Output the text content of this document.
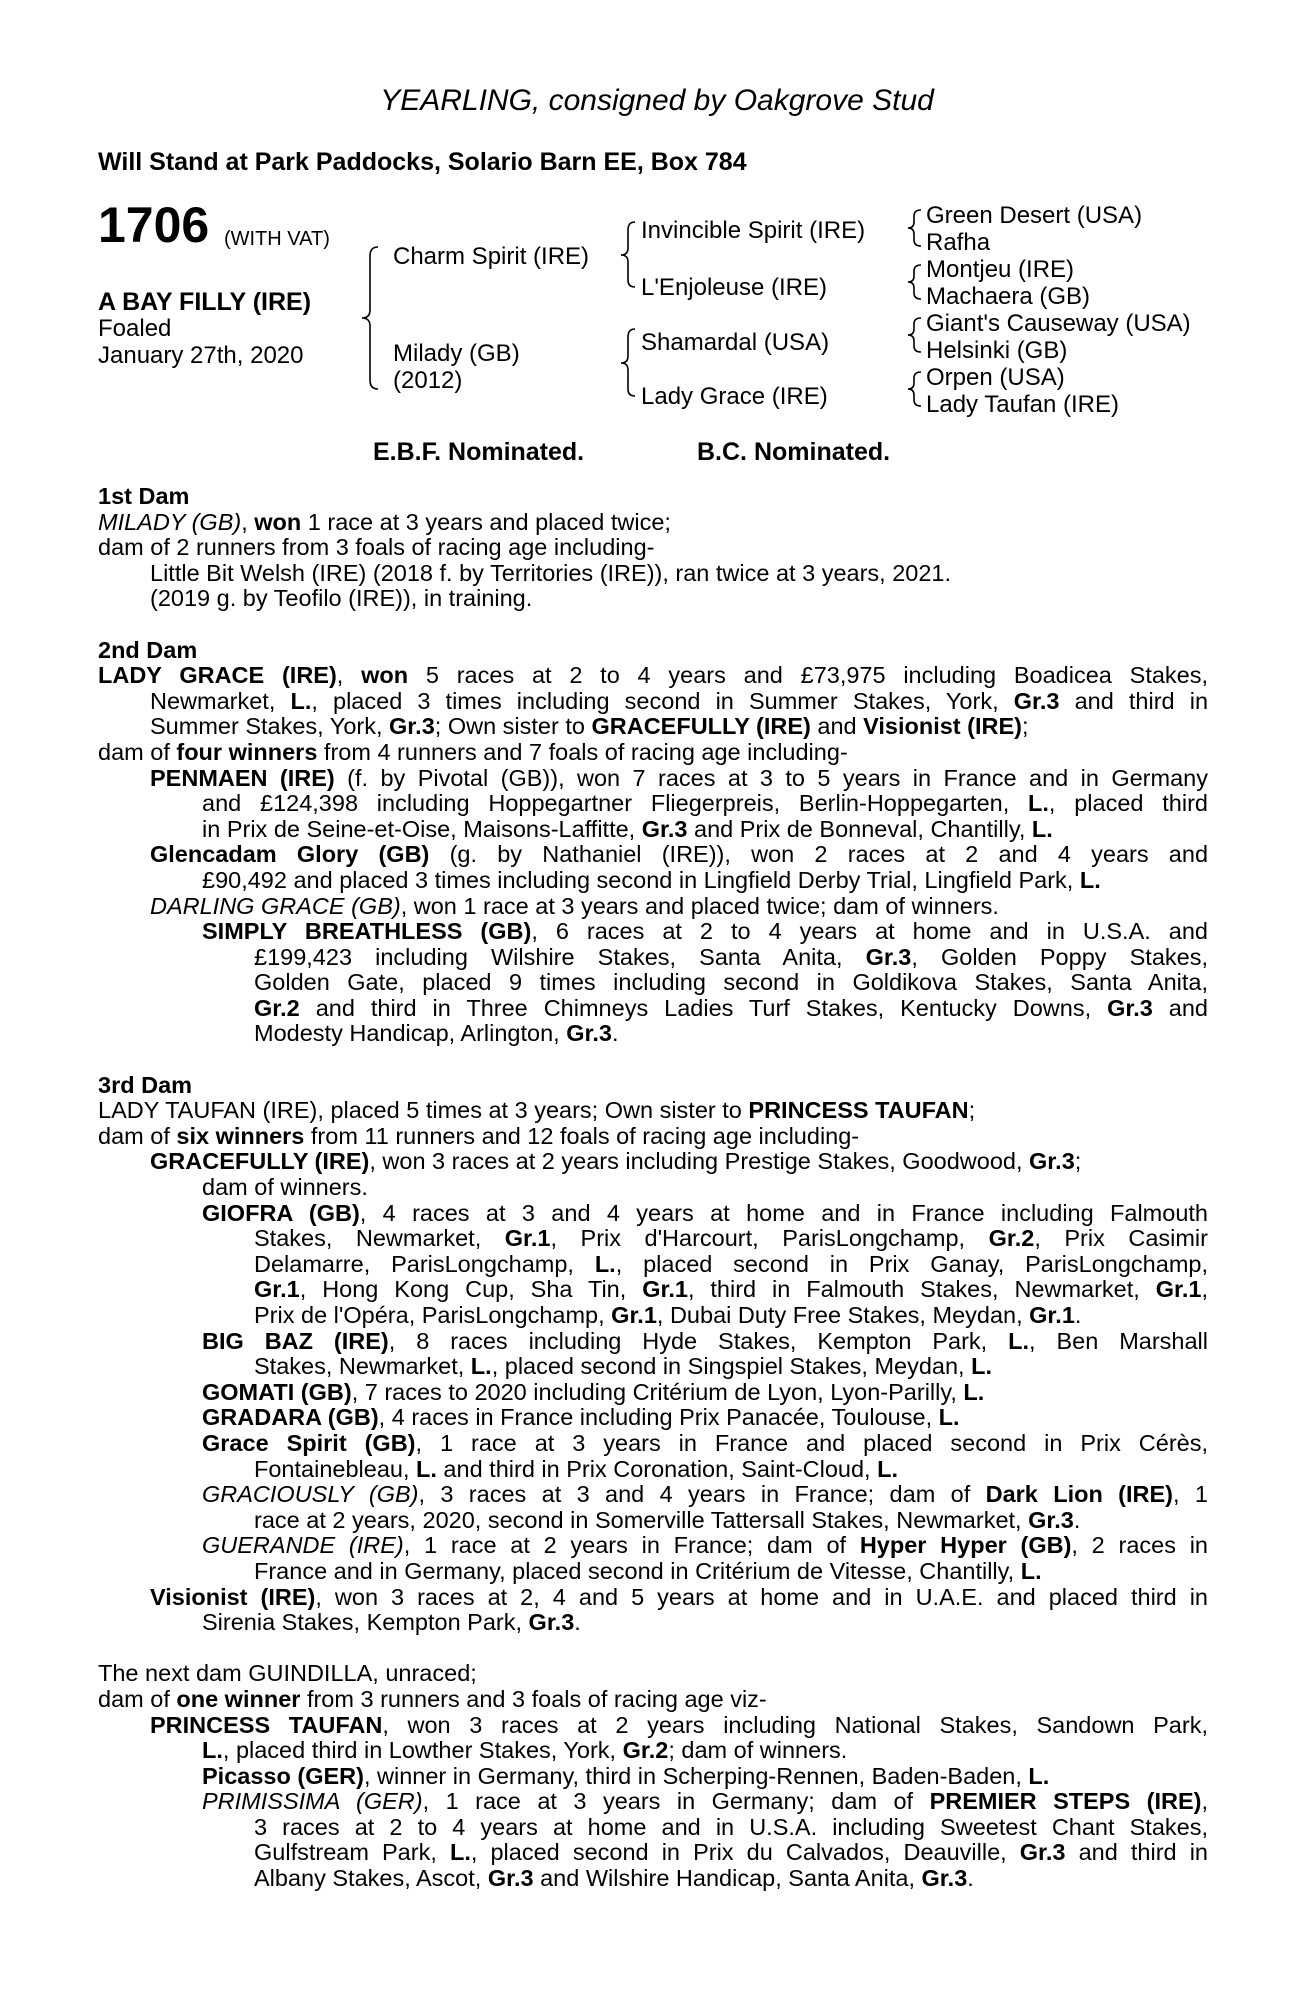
YEARLING, consigned by Oakgrove Stud
Will Stand at Park Paddocks, Solario Barn EE, Box 784
1706 (WITH VAT)
A BAY FILLY (IRE)
Foaled
January 27th, 2020
Charm Spirit (IRE)
Milady (GB)
(2012)
Invincible Spirit (IRE)
L'Enjoleuse (IRE)
Shamardal (USA)
Lady Grace (IRE)
Green Desert (USA)
Rafha
Montjeu (IRE)
Machaera (GB)
Giant's Causeway (USA)
Helsinki (GB)
Orpen (USA)
Lady Taufan (IRE)
E.B.F. Nominated.	B.C. Nominated.
1st Dam
MILADY (GB), won 1 race at 3 years and placed twice;
dam of 2 runners from 3 foals of racing age including-
Little Bit Welsh (IRE) (2018 f. by Territories (IRE)), ran twice at 3 years, 2021.
(2019 g. by Teofilo (IRE)), in training.
2nd Dam
LADY GRACE (IRE), won 5 races at 2 to 4 years and £73,975 including Boadicea Stakes,
Newmarket, L., placed 3 times including second in Summer Stakes, York, Gr.3 and third in
Summer Stakes, York, Gr.3; Own sister to GRACEFULLY (IRE) and Visionist (IRE);
dam of four winners from 4 runners and 7 foals of racing age including-
PENMAEN (IRE) (f. by Pivotal (GB)), won 7 races at 3 to 5 years in France and in Germany
and £124,398 including Hoppegartner Fliegerpreis, Berlin-Hoppegarten, L., placed third
in Prix de Seine-et-Oise, Maisons-Laffitte, Gr.3 and Prix de Bonneval, Chantilly, L.
Glencadam Glory (GB) (g. by Nathaniel (IRE)), won 2 races at 2 and 4 years and
£90,492 and placed 3 times including second in Lingfield Derby Trial, Lingfield Park, L.
DARLING GRACE (GB), won 1 race at 3 years and placed twice; dam of winners.
SIMPLY BREATHLESS (GB), 6 races at 2 to 4 years at home and in U.S.A. and
£199,423 including Wilshire Stakes, Santa Anita, Gr.3, Golden Poppy Stakes,
Golden Gate, placed 9 times including second in Goldikova Stakes, Santa Anita,
Gr.2 and third in Three Chimneys Ladies Turf Stakes, Kentucky Downs, Gr.3 and
Modesty Handicap, Arlington, Gr.3.
3rd Dam
LADY TAUFAN (IRE), placed 5 times at 3 years; Own sister to PRINCESS TAUFAN;
dam of six winners from 11 runners and 12 foals of racing age including-
GRACEFULLY (IRE), won 3 races at 2 years including Prestige Stakes, Goodwood, Gr.3;
dam of winners.
GIOFRA (GB), 4 races at 3 and 4 years at home and in France including Falmouth
Stakes, Newmarket, Gr.1, Prix d'Harcourt, ParisLongchamp, Gr.2, Prix Casimir
Delamarre, ParisLongchamp, L., placed second in Prix Ganay, ParisLongchamp,
Gr.1, Hong Kong Cup, Sha Tin, Gr.1, third in Falmouth Stakes, Newmarket, Gr.1,
Prix de l'Opéra, ParisLongchamp, Gr.1, Dubai Duty Free Stakes, Meydan, Gr.1.
BIG BAZ (IRE), 8 races including Hyde Stakes, Kempton Park, L., Ben Marshall
Stakes, Newmarket, L., placed second in Singspiel Stakes, Meydan, L.
GOMATI (GB), 7 races to 2020 including Critérium de Lyon, Lyon-Parilly, L.
GRADARA (GB), 4 races in France including Prix Panacée, Toulouse, L.
Grace Spirit (GB), 1 race at 3 years in France and placed second in Prix Cérès,
Fontainebleau, L. and third in Prix Coronation, Saint-Cloud, L.
GRACIOUSLY (GB), 3 races at 3 and 4 years in France; dam of Dark Lion (IRE), 1
race at 2 years, 2020, second in Somerville Tattersall Stakes, Newmarket, Gr.3.
GUERANDE (IRE), 1 race at 2 years in France; dam of Hyper Hyper (GB), 2 races in
France and in Germany, placed second in Critérium de Vitesse, Chantilly, L.
Visionist (IRE), won 3 races at 2, 4 and 5 years at home and in U.A.E. and placed third in
Sirenia Stakes, Kempton Park, Gr.3.
The next dam GUINDILLA, unraced;
dam of one winner from 3 runners and 3 foals of racing age viz-
PRINCESS TAUFAN, won 3 races at 2 years including National Stakes, Sandown Park,
L., placed third in Lowther Stakes, York, Gr.2; dam of winners.
Picasso (GER), winner in Germany, third in Scherping-Rennen, Baden-Baden, L.
PRIMISSIMA (GER), 1 race at 3 years in Germany; dam of PREMIER STEPS (IRE),
3 races at 2 to 4 years at home and in U.S.A. including Sweetest Chant Stakes,
Gulfstream Park, L., placed second in Prix du Calvados, Deauville, Gr.3 and third in
Albany Stakes, Ascot, Gr.3 and Wilshire Handicap, Santa Anita, Gr.3.
